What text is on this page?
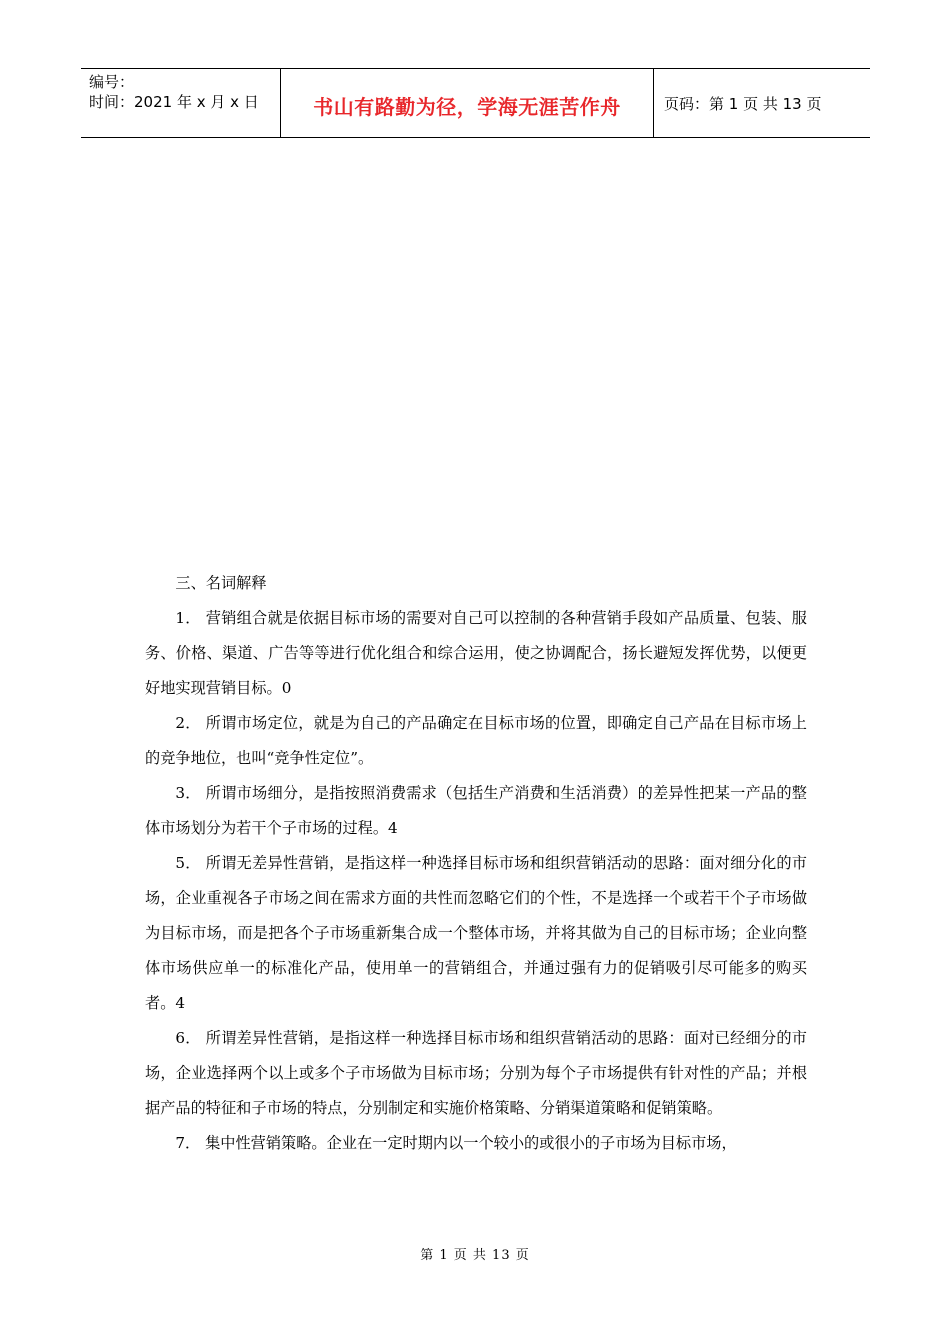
编号：
时间：2021 年 x 月 x 日	书山有路勤为径，学海无涯苦作舟	页码：第 1 页 共 13 页

三、名词解释

1． 营销组合就是依据目标市场的需要对自己可以控制的各种营销手段如产品质量、包装、服务、价格、渠道、广告等等进行优化组合和综合运用，使之协调配合，扬长避短发挥优势，以便更好地实现营销目标。0

2． 所谓市场定位，就是为自己的产品确定在目标市场的位置，即确定自己产品在目标市场上的竞争地位，也叫“竞争性定位”。

3． 所谓市场细分，是指按照消费需求（包括生产消费和生活消费）的差异性把某一产品的整体市场划分为若干个子市场的过程。4

5． 所谓无差异性营销，是指这样一种选择目标市场和组织营销活动的思路：面对细分化的市场，企业重视各子市场之间在需求方面的共性而忽略它们的个性，不是选择一个或若干个子市场做为目标市场，而是把各个子市场重新集合成一个整体市场，并将其做为自己的目标市场；企业向整体市场供应单一的标准化产品，使用单一的营销组合，并通过强有力的促销吸引尽可能多的购买者。4

6． 所谓差异性营销，是指这样一种选择目标市场和组织营销活动的思路：面对已经细分的市场，企业选择两个以上或多个子市场做为目标市场；分别为每个子市场提供有针对性的产品；并根据产品的特征和子市场的特点，分别制定和实施价格策略、分销渠道策略和促销策略。

7． 集中性营销策略。企业在一定时期内以一个较小的或很小的子市场为目标市场，

第 1 页 共 13 页
